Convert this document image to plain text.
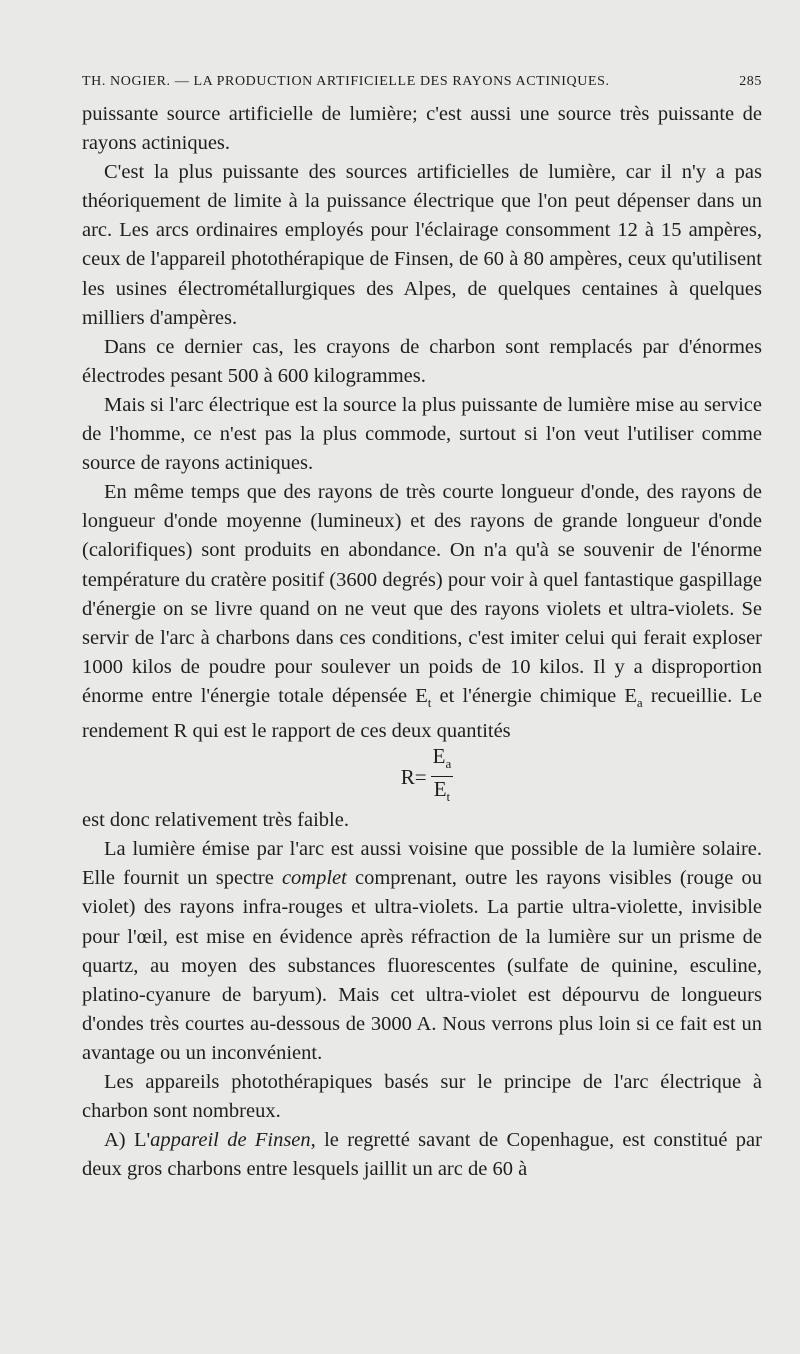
TH. NOGIER. — LA PRODUCTION ARTIFICIELLE DES RAYONS ACTINIQUES.	285

puissante source artificielle de lumière; c'est aussi une source très puissante de rayons actiniques.

C'est la plus puissante des sources artificielles de lumière, car il n'y a pas théoriquement de limite à la puissance électrique que l'on peut dépenser dans un arc. Les arcs ordinaires employés pour l'éclairage consomment 12 à 15 ampères, ceux de l'appareil photothérapique de Finsen, de 60 à 80 ampères, ceux qu'utilisent les usines électrométallurgiques des Alpes, de quelques centaines à quelques milliers d'ampères.

Dans ce dernier cas, les crayons de charbon sont remplacés par d'énormes électrodes pesant 500 à 600 kilogrammes.

Mais si l'arc électrique est la source la plus puissante de lumière mise au service de l'homme, ce n'est pas la plus commode, surtout si l'on veut l'utiliser comme source de rayons actiniques.

En même temps que des rayons de très courte longueur d'onde, des rayons de longueur d'onde moyenne (lumineux) et des rayons de grande longueur d'onde (calorifiques) sont produits en abondance. On n'a qu'à se souvenir de l'énorme température du cratère positif (3600 degrés) pour voir à quel fantastique gaspillage d'énergie on se livre quand on ne veut que des rayons violets et ultra-violets. Se servir de l'arc à charbons dans ces conditions, c'est imiter celui qui ferait exploser 1000 kilos de poudre pour soulever un poids de 10 kilos. Il y a disproportion énorme entre l'énergie totale dépensée $E_t$ et l'énergie chimique $E_a$ recueillie. Le rendement R qui est le rapport de ces deux quantités

$R = \frac{E_a}{E_t}$

est donc relativement très faible.

La lumière émise par l'arc est aussi voisine que possible de la lumière solaire. Elle fournit un spectre complet comprenant, outre les rayons visibles (rouge ou violet) des rayons infra-rouges et ultra-violets. La partie ultra-violette, invisible pour l'œil, est mise en évidence après réfraction de la lumière sur un prisme de quartz, au moyen des substances fluorescentes (sulfate de quinine, esculine, platino-cyanure de baryum). Mais cet ultra-violet est dépourvu de longueurs d'ondes très courtes au-dessous de 3000 A. Nous verrons plus loin si ce fait est un avantage ou un inconvénient.

Les appareils photothérapiques basés sur le principe de l'arc électrique à charbon sont nombreux.

A) L'appareil de Finsen, le regretté savant de Copenhague, est constitué par deux gros charbons entre lesquels jaillit un arc de 60 à
